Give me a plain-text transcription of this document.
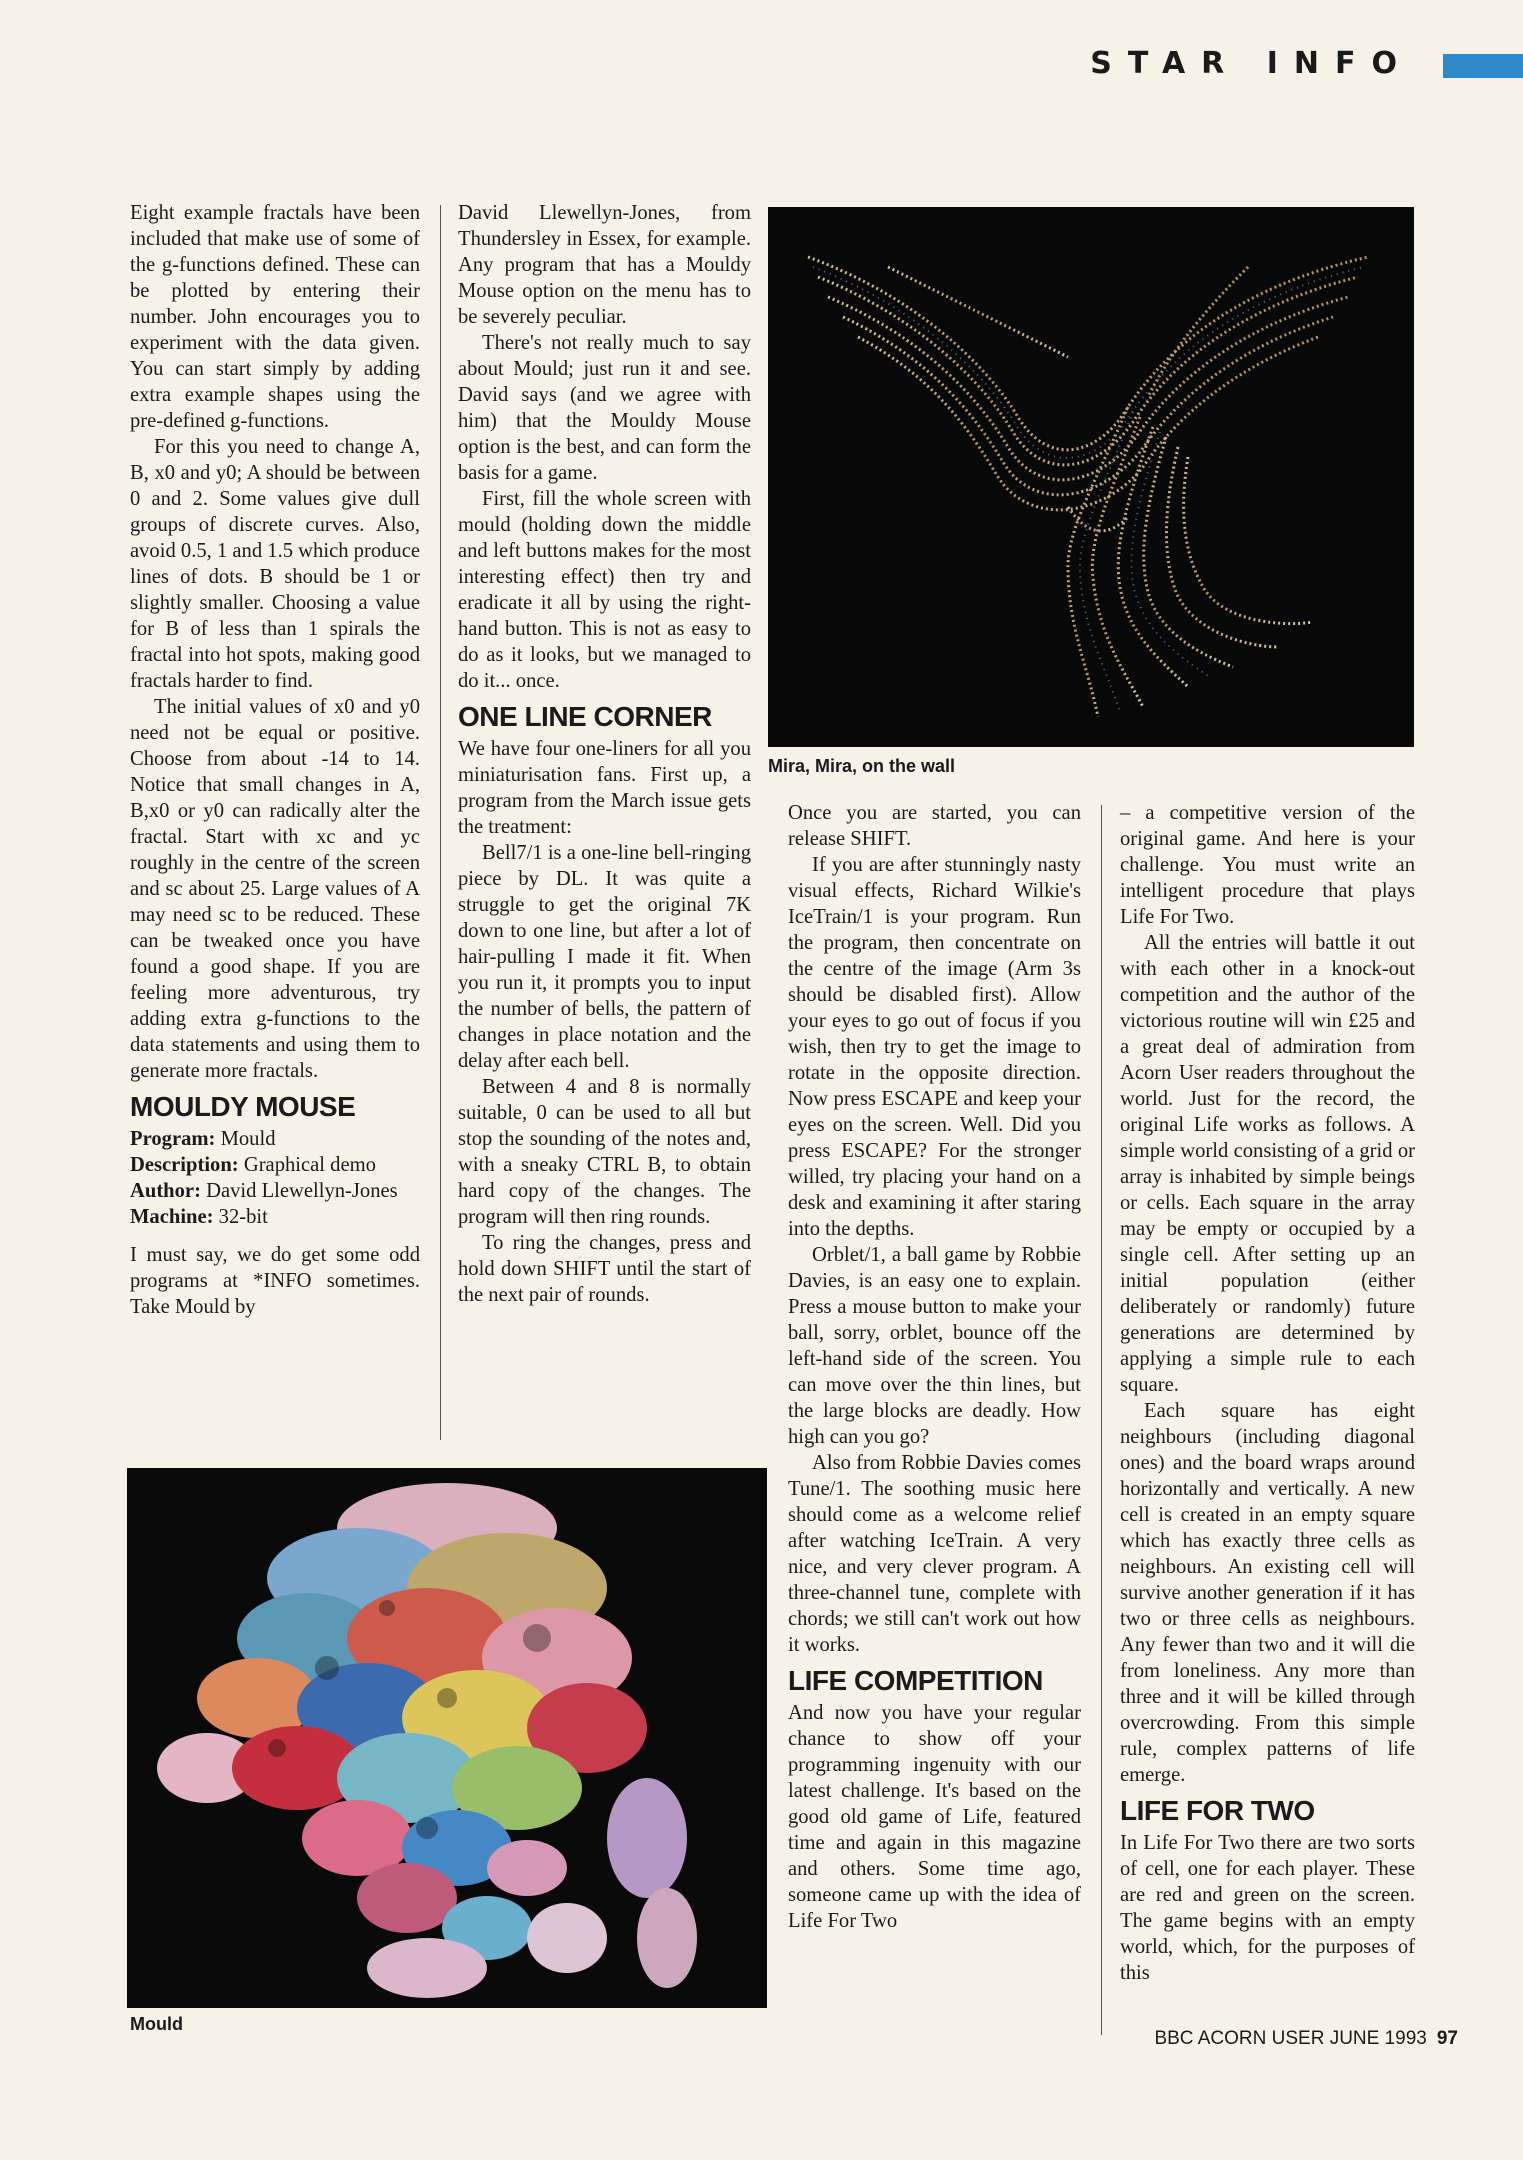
STAR INFO

Eight example fractals have been included that make use of some of the g-functions defined. These can be plotted by entering their number. John encourages you to experiment with the data given. You can start simply by adding extra example shapes using the pre-defined g-functions.

For this you need to change A, B, x0 and y0; A should be between 0 and 2. Some values give dull groups of discrete curves. Also, avoid 0.5, 1 and 1.5 which produce lines of dots. B should be 1 or slightly smaller. Choosing a value for B of less than 1 spirals the fractal into hot spots, making good fractals harder to find.

The initial values of x0 and y0 need not be equal or positive. Choose from about -14 to 14. Notice that small changes in A, B,x0 or y0 can radically alter the fractal. Start with xc and yc roughly in the centre of the screen and sc about 25. Large values of A may need sc to be reduced. These can be tweaked once you have found a good shape. If you are feeling more adventurous, try adding extra g-functions to the data statements and using them to generate more fractals.

MOULDY MOUSE
Program: Mould
Description: Graphical demo
Author: David Llewellyn-Jones
Machine: 32-bit

I must say, we do get some odd programs at *INFO sometimes. Take Mould by

David Llewellyn-Jones, from Thundersley in Essex, for example. Any program that has a Mouldy Mouse option on the menu has to be severely peculiar.

There's not really much to say about Mould; just run it and see. David says (and we agree with him) that the Mouldy Mouse option is the best, and can form the basis for a game.

First, fill the whole screen with mould (holding down the middle and left buttons makes for the most interesting effect) then try and eradicate it all by using the right-hand button. This is not as easy to do as it looks, but we managed to do it... once.

ONE LINE CORNER

We have four one-liners for all you miniaturisation fans. First up, a program from the March issue gets the treatment:

Bell7/1 is a one-line bell-ringing piece by DL. It was quite a struggle to get the original 7K down to one line, but after a lot of hair-pulling I made it fit. When you run it, it prompts you to input the number of bells, the pattern of changes in place notation and the delay after each bell.

Between 4 and 8 is normally suitable, 0 can be used to all but stop the sounding of the notes and, with a sneaky CTRL B, to obtain hard copy of the changes. The program will then ring rounds.

To ring the changes, press and hold down SHIFT until the start of the next pair of rounds.

Mira, Mira, on the wall
Mould

Once you are started, you can release SHIFT.

If you are after stunningly nasty visual effects, Richard Wilkie's IceTrain/1 is your program. Run the program, then concentrate on the centre of the image (Arm 3s should be disabled first). Allow your eyes to go out of focus if you wish, then try to get the image to rotate in the opposite direction. Now press ESCAPE and keep your eyes on the screen. Well. Did you press ESCAPE? For the stronger willed, try placing your hand on a desk and examining it after staring into the depths.

Orblet/1, a ball game by Robbie Davies, is an easy one to explain. Press a mouse button to make your ball, sorry, orblet, bounce off the left-hand side of the screen. You can move over the thin lines, but the large blocks are deadly. How high can you go?

Also from Robbie Davies comes Tune/1. The soothing music here should come as a welcome relief after watching IceTrain. A very nice, and very clever program. A three-channel tune, complete with chords; we still can't work out how it works.

LIFE COMPETITION

And now you have your regular chance to show off your programming ingenuity with our latest challenge. It's based on the good old game of Life, featured time and again in this magazine and others. Some time ago, someone came up with the idea of Life For Two

– a competitive version of the original game. And here is your challenge. You must write an intelligent procedure that plays Life For Two.

All the entries will battle it out with each other in a knock-out competition and the author of the victorious routine will win £25 and a great deal of admiration from Acorn User readers throughout the world. Just for the record, the original Life works as follows. A simple world consisting of a grid or array is inhabited by simple beings or cells. Each square in the array may be empty or occupied by a single cell. After setting up an initial population (either deliberately or randomly) future generations are determined by applying a simple rule to each square.

Each square has eight neighbours (including diagonal ones) and the board wraps around horizontally and vertically. A new cell is created in an empty square which has exactly three cells as neighbours. An existing cell will survive another generation if it has two or three cells as neighbours. Any fewer than two and it will die from loneliness. Any more than three and it will be killed through overcrowding. From this simple rule, complex patterns of life emerge.

LIFE FOR TWO

In Life For Two there are two sorts of cell, one for each player. These are red and green on the screen. The game begins with an empty world, which, for the purposes of this

BBC ACORN USER JUNE 1993 97
